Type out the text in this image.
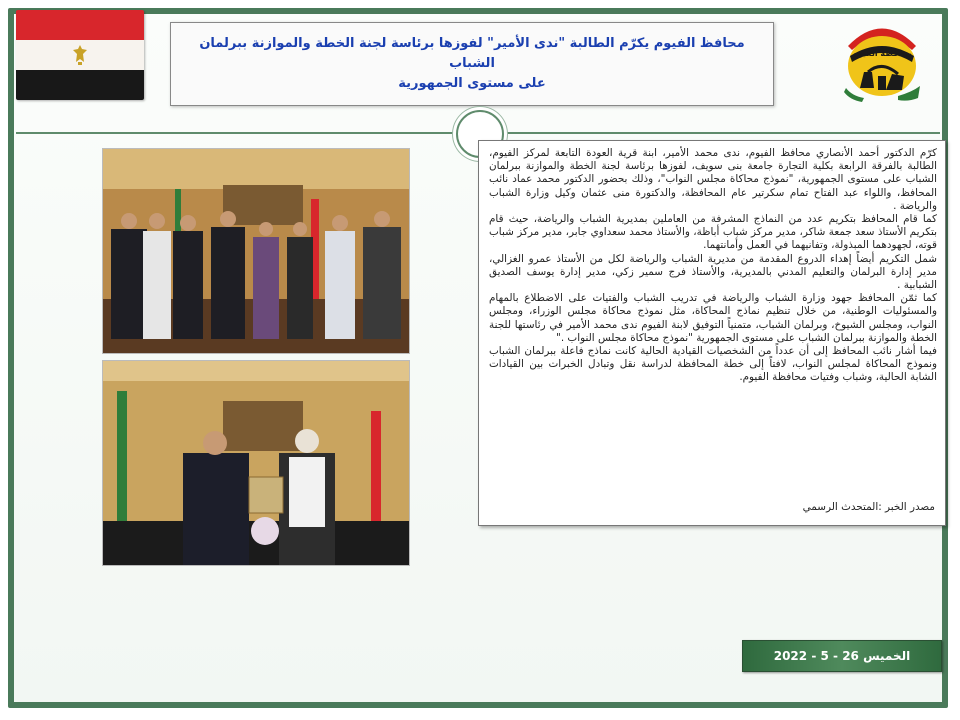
محافظ الفيوم يكرّم الطالبة "ندى الأمير" لفوزها برئاسة لجنة الخطة والموازنة ببرلمان الشباب
على مستوى الجمهورية
محافظة الفيوم

كرّم الدكتور أحمد الأنصاري محافظ الفيوم، ندى محمد الأمير، ابنة قرية العودة التابعة لمركز الفيوم، الطالبة بالفرقة الرابعة بكلية التجارة جامعة بنى سويف، لفوزها برئاسة لجنة الخطة والموازنة ببرلمان الشباب على مستوى الجمهورية، "نموذج محاكاة مجلس النواب"، وذلك بحضور الدكتور محمد عماد نائب المحافظ، واللواء عبد الفتاح تمام سكرتير عام المحافظة، والدكتورة منى عثمان وكيل وزارة الشباب والرياضة .

كما قام المحافظ بتكريم عدد من النماذج المشرفة من العاملين بمديرية الشباب والرياضة، حيث قام بتكريم الأستاذ سعد جمعة شاكر، مدير مركز شباب أباظة، والأستاذ محمد سعداوي جابر، مدير مركز شباب قوته، لجهودهما المبذولة، وتفانيهما في العمل وأمانتهما.

شمل التكريم أيضاً إهداء الدروع المقدمة من مديرية الشباب والرياضة لكل من الأستاذ عمرو الغزالي، مدير إدارة البرلمان والتعليم المدني بالمديرية، والأستاذ فرج سمير زكي، مدير إدارة يوسف الصديق الشبابية .

كما ثمّن المحافظ جهود وزارة الشباب والرياضة في تدريب الشباب والفتيات على الاضطلاع بالمهام والمسئوليات الوطنية، من خلال تنظيم نماذج المحاكاة، مثل نموذج محاكاة مجلس الوزراء، ومجلس النواب، ومجلس الشيوخ، وبرلمان الشباب، متمنياً التوفيق لابنة الفيوم ندى محمد الأمير في رئاستها للجنة الخطة والموازنة ببرلمان الشباب على مستوى الجمهورية "نموذج محاكاة مجلس النواب ."

فيما أشار نائب المحافظ إلى أن عدداً من الشخصيات القيادية الحالية كانت نماذج فاعلة ببرلمان الشباب ونموذج المحاكاة لمجلس النواب، لافتاً إلى خطة المحافظة لدراسة نقل وتبادل الخبرات بين القيادات الشابة الحالية، وشباب وفتيات محافظة الفيوم.

مصدر الخبر :المتحدث الرسمي
الخميس 26 - 5 - 2022
